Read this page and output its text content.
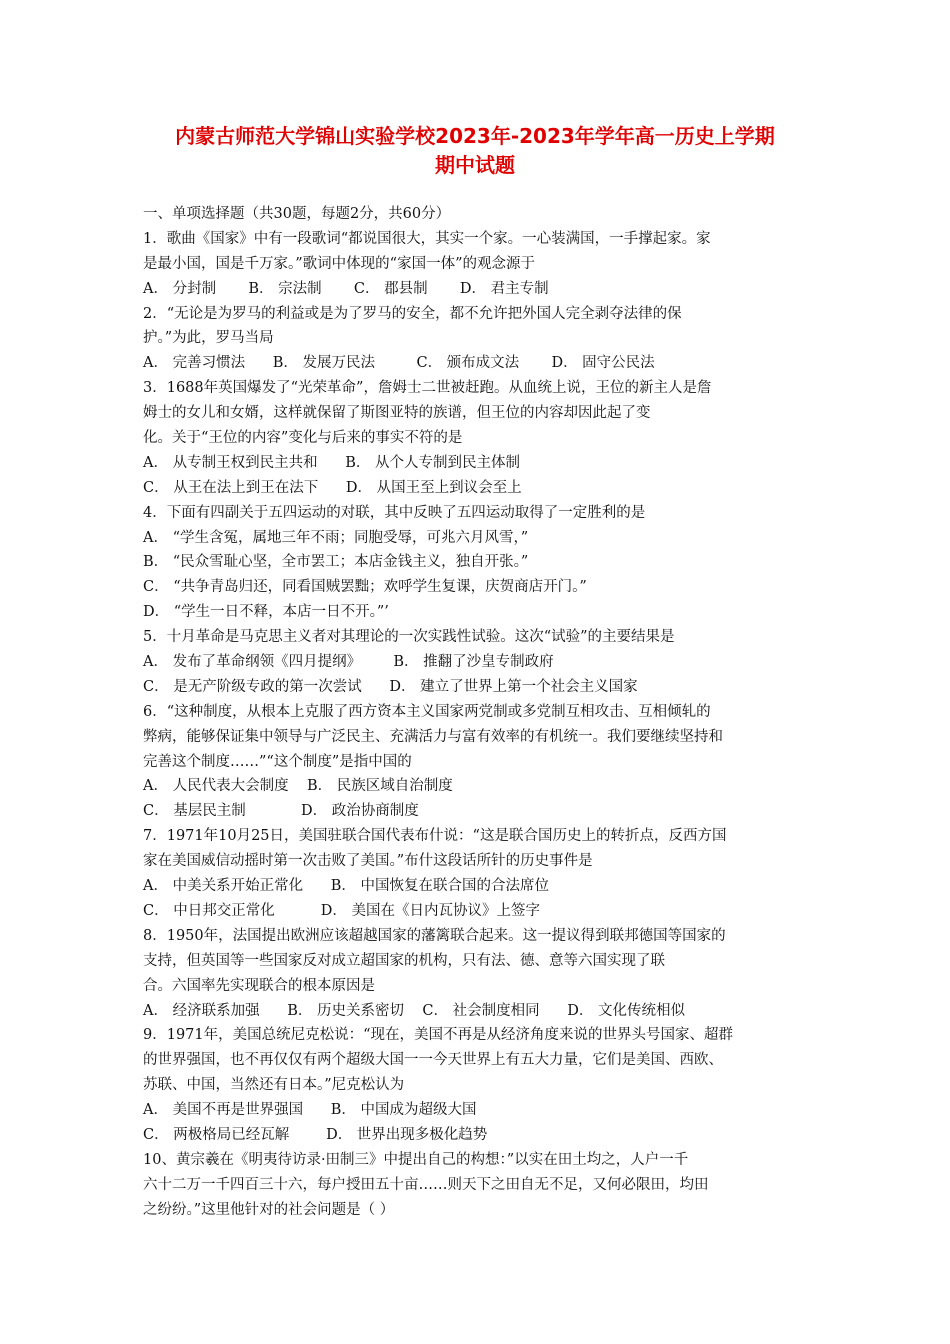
内蒙古师范大学锦山实验学校2023年-2023年学年高一历史上学期
期中试题
一、单项选择题（共30题，每题2分，共60分）
1．歌曲《国家》中有一段歌词“都说国很大，其实一个家。一心装满国，一手撑起家。家
是最小国，国是千万家。”歌词中体现的“家国一体”的观念源于
A． 分封制       B． 宗法制       C． 郡县制       D． 君主专制
2．“无论是为罗马的利益或是为了罗马的安全，都不允许把外国人完全剥夺法律的保
护。”为此，罗马当局
A． 完善习惯法      B． 发展万民法         C． 颁布成文法       D． 固守公民法
3．1688年英国爆发了“光荣革命”，詹姆士二世被赶跑。从血统上说，王位的新主人是詹
姆士的女儿和女婿，这样就保留了斯图亚特的族谱，但王位的内容却因此起了变
化。关于“王位的内容”变化与后来的事实不符的是
A． 从专制王权到民主共和      B． 从个人专制到民主体制
C． 从王在法上到王在法下      D． 从国王至上到议会至上
4．下面有四副关于五四运动的对联，其中反映了五四运动取得了一定胜利的是
A． “学生含冤，属地三年不雨；同胞受辱，可兆六月风雪，”
B． “民众雪耻心坚，全市罢工；本店金钱主义，独自开张。”
C． “共争青岛归还，同看国贼罢黜；欢呼学生复课，庆贺商店开门。”
D． “学生一日不释，本店一日不开。”’
5．十月革命是马克思主义者对其理论的一次实践性试验。这次“试验”的主要结果是
A． 发布了革命纲领《四月提纲》       B． 推翻了沙皇专制政府
C． 是无产阶级专政的第一次尝试      D． 建立了世界上第一个社会主义国家
6．“这种制度，从根本上克服了西方资本主义国家两党制或多党制互相攻击、互相倾轧的
弊病，能够保证集中领导与广泛民主、充满活力与富有效率的有机统一。我们要继续坚持和
完善这个制度……”“这个制度”是指中国的
A． 人民代表大会制度    B． 民族区域自治制度
C． 基层民主制            D． 政治协商制度
7．1971年10月25日，美国驻联合国代表布什说：“这是联合国历史上的转折点，反西方国
家在美国威信动摇时第一次击败了美国。”布什这段话所针的历史事件是
A． 中美关系开始正常化      B． 中国恢复在联合国的合法席位
C． 中日邦交正常化          D． 美国在《日内瓦协议》上签字
8．1950年，法国提出欧洲应该超越国家的藩篱联合起来。这一提议得到联邦德国等国家的
支持，但英国等一些国家反对成立超国家的机构，只有法、德、意等六国实现了联
合。六国率先实现联合的根本原因是
A． 经济联系加强      B． 历史关系密切    C． 社会制度相同      D． 文化传统相似
9．1971年，美国总统尼克松说：“现在，美国不再是从经济角度来说的世界头号国家、超群
的世界强国，也不再仅仅有两个超级大国一一今天世界上有五大力量，它们是美国、西欧、
苏联、中国，当然还有日本。”尼克松认为
A． 美国不再是世界强国      B． 中国成为超级大国
C． 两极格局已经瓦解        D． 世界出现多极化趋势
10、黄宗羲在《明夷待访录·田制三》中提出自己的构想：”以实在田土均之，人户一千
六十二万一千四百三十六，每户授田五十亩……则天下之田自无不足，又何必限田，均田
之纷纷。”这里他针对的社会问题是（ ）
